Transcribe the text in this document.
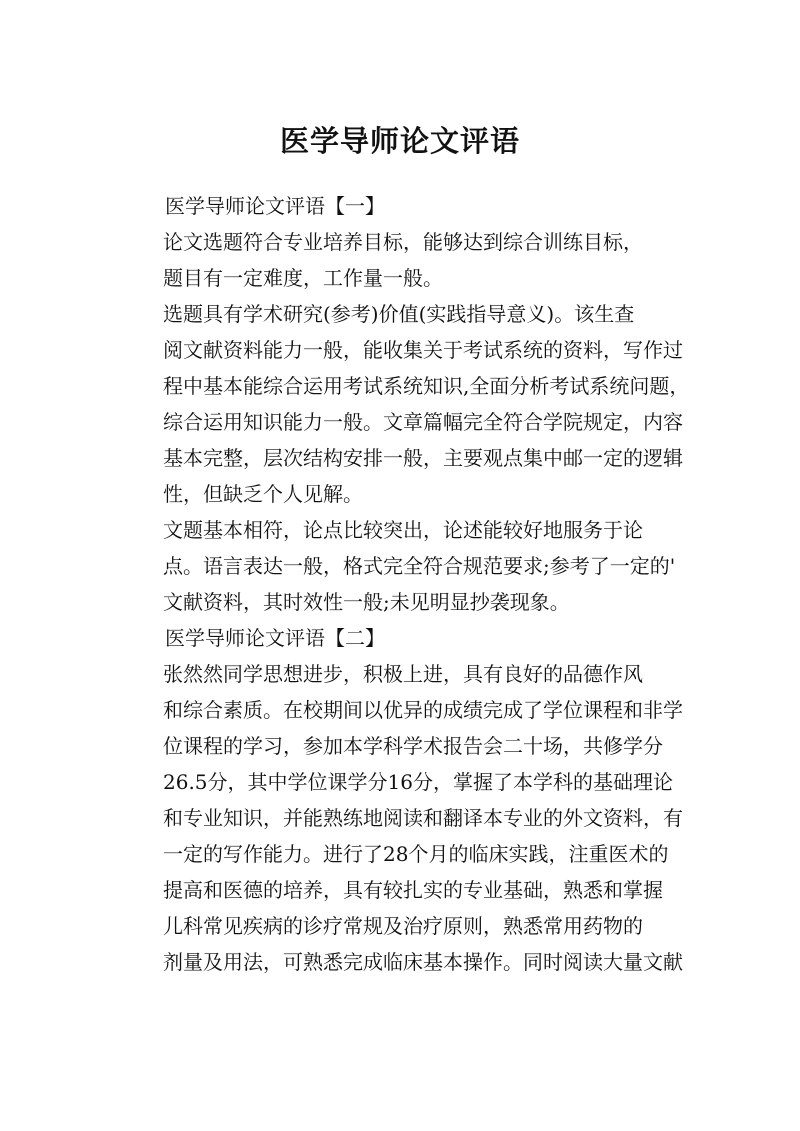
医学导师论文评语

医学导师论文评语【一】

论文选题符合专业培养目标，能够达到综合训练目标，
题目有一定难度，工作量一般。

选题具有学术研究(参考)价值(实践指导意义)。该生查
阅文献资料能力一般，能收集关于考试系统的资料，写作过
程中基本能综合运用考试系统知识,全面分析考试系统问题，
综合运用知识能力一般。文章篇幅完全符合学院规定，内容
基本完整，层次结构安排一般，主要观点集中邮一定的逻辑
性，但缺乏个人见解。

文题基本相符，论点比较突出，论述能较好地服务于论
点。语言表达一般，格式完全符合规范要求;参考了一定的'
文献资料，其时效性一般;未见明显抄袭现象。

医学导师论文评语【二】

张然然同学思想进步，积极上进，具有良好的品德作风
和综合素质。在校期间以优异的成绩完成了学位课程和非学
位课程的学习，参加本学科学术报告会二十场，共修学分
26.5分，其中学位课学分16分，掌握了本学科的基础理论
和专业知识，并能熟练地阅读和翻译本专业的外文资料，有
一定的写作能力。进行了28个月的临床实践，注重医术的
提高和医德的培养，具有较扎实的专业基础，熟悉和掌握

儿科常见疾病的诊疗常规及治疗原则，熟悉常用药物的
剂量及用法，可熟悉完成临床基本操作。同时阅读大量文献
